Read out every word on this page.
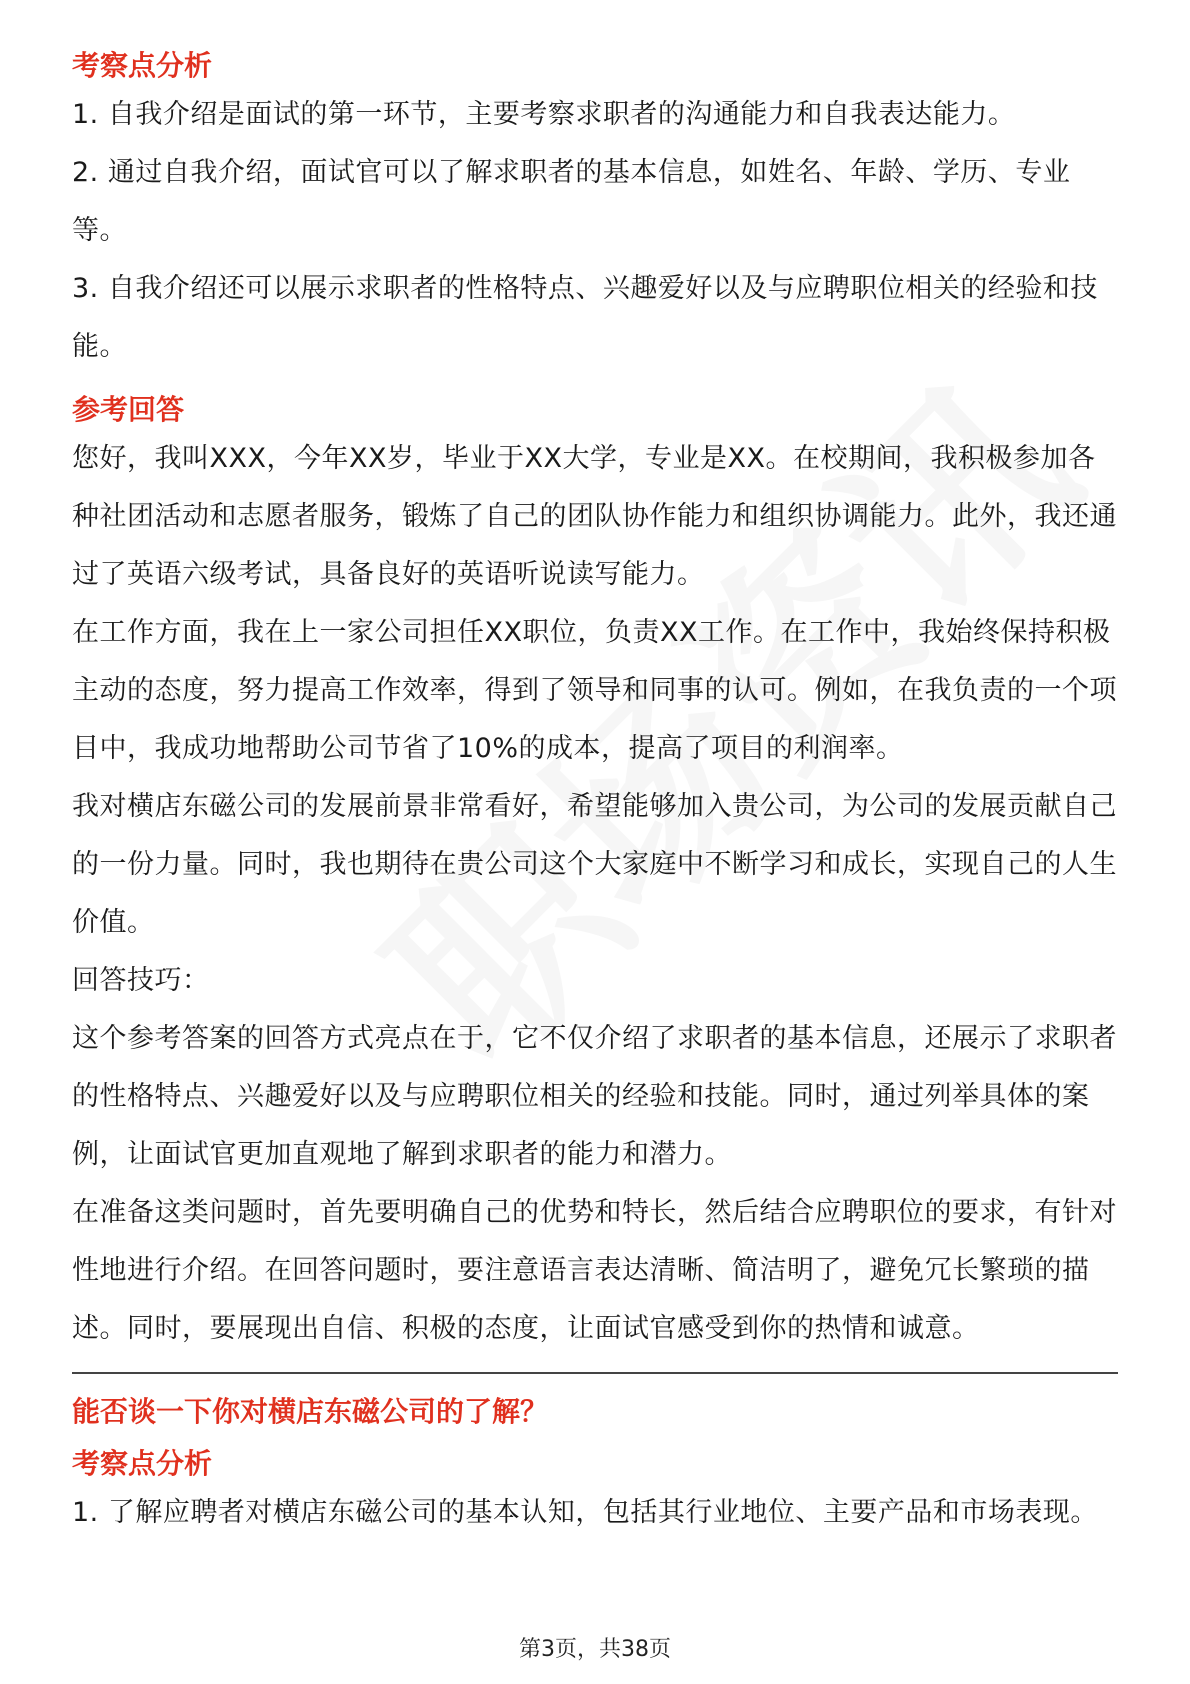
考察点分析

1. 自我介绍是面试的第一环节，主要考察求职者的沟通能力和自我表达能力。

2. 通过自我介绍，面试官可以了解求职者的基本信息，如姓名、年龄、学历、专业等。

3. 自我介绍还可以展示求职者的性格特点、兴趣爱好以及与应聘职位相关的经验和技能。

参考回答

您好，我叫XXX，今年XX岁，毕业于XX大学，专业是XX。在校期间，我积极参加各种社团活动和志愿者服务，锻炼了自己的团队协作能力和组织协调能力。此外，我还通过了英语六级考试，具备良好的英语听说读写能力。

在工作方面，我在上一家公司担任XX职位，负责XX工作。在工作中，我始终保持积极主动的态度，努力提高工作效率，得到了领导和同事的认可。例如，在我负责的一个项目中，我成功地帮助公司节省了10%的成本，提高了项目的利润率。

我对横店东磁公司的发展前景非常看好，希望能够加入贵公司，为公司的发展贡献自己的一份力量。同时，我也期待在贵公司这个大家庭中不断学习和成长，实现自己的人生价值。

回答技巧：

这个参考答案的回答方式亮点在于，它不仅介绍了求职者的基本信息，还展示了求职者的性格特点、兴趣爱好以及与应聘职位相关的经验和技能。同时，通过列举具体的案例，让面试官更加直观地了解到求职者的能力和潜力。

在准备这类问题时，首先要明确自己的优势和特长，然后结合应聘职位的要求，有针对性地进行介绍。在回答问题时，要注意语言表达清晰、简洁明了，避免冗长繁琐的描述。同时，要展现出自信、积极的态度，让面试官感受到你的热情和诚意。

能否谈一下你对横店东磁公司的了解？

考察点分析

1. 了解应聘者对横店东磁公司的基本认知，包括其行业地位、主要产品和市场表现。

第3页，共38页
